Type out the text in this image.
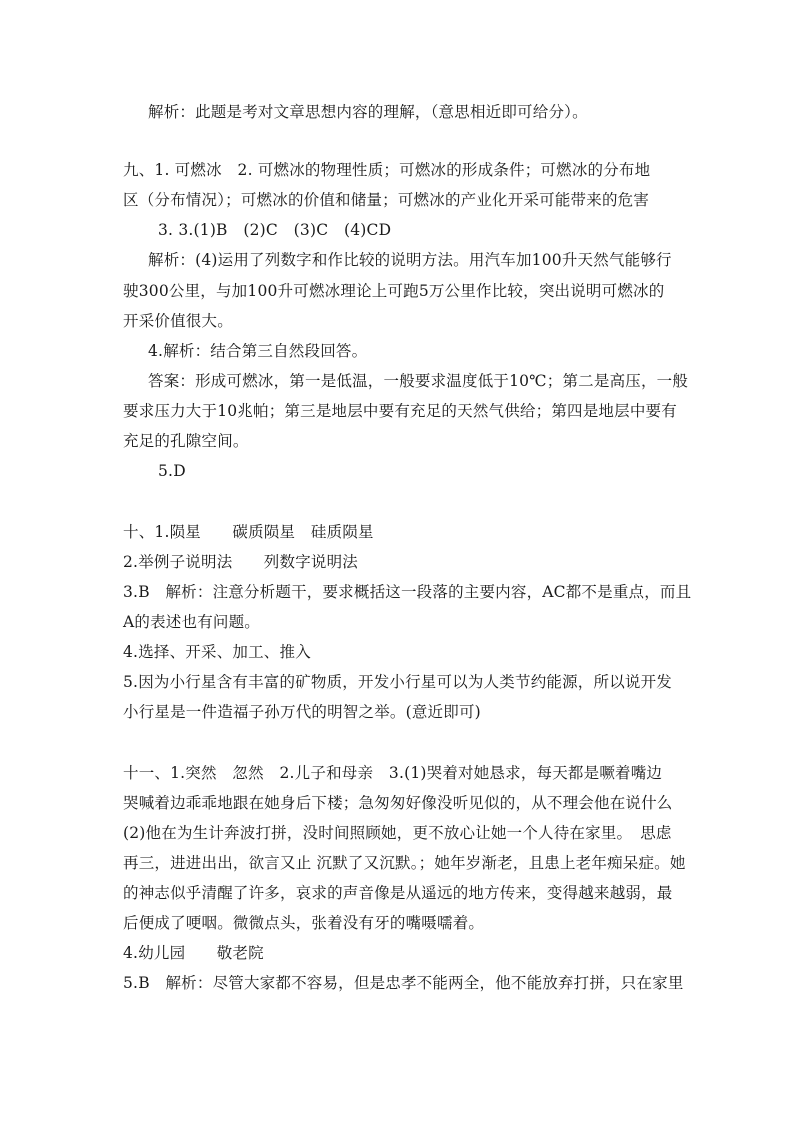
解析：此题是考对文章思想内容的理解，（意思相近即可给分）。
九、1. 可燃冰　2. 可燃冰的物理性质；可燃冰的形成条件；可燃冰的分布地
区（分布情况）；可燃冰的价值和储量；可燃冰的产业化开采可能带来的危害
3. 3.(1)B　(2)C　(3)C　(4)CD
解析：(4)运用了列数字和作比较的说明方法。用汽车加100升天然气能够行
驶300公里，与加100升可燃冰理论上可跑5万公里作比较，突出说明可燃冰的
开采价值很大。
4.解析：结合第三自然段回答。
答案：形成可燃冰，第一是低温，一般要求温度低于10℃；第二是高压，一般
要求压力大于10兆帕；第三是地层中要有充足的天然气供给；第四是地层中要有
充足的孔隙空间。
5.D
十、1.陨星　　碳质陨星　硅质陨星
2.举例子说明法　　列数字说明法
3.B　解析：注意分析题干，要求概括这一段落的主要内容，AC都不是重点，而且
A的表述也有问题。
4.选择、开采、加工、推入
5.因为小行星含有丰富的矿物质，开发小行星可以为人类节约能源，所以说开发
小行星是一件造福子孙万代的明智之举。(意近即可)
十一、1.突然　忽然　2.儿子和母亲　3.(1)哭着对她恳求，每天都是噘着嘴边
哭喊着边乖乖地跟在她身后下楼；急匆匆好像没听见似的，从不理会他在说什么
(2)他在为生计奔波打拼，没时间照顾她，更不放心让她一个人待在家里。　思虑
再三，进进出出，欲言又止 沉默了又沉默。；她年岁渐老，且患上老年痴呆症。她
的神志似乎清醒了许多，哀求的声音像是从遥远的地方传来，变得越来越弱，最
后便成了哽咽。微微点头，张着没有牙的嘴嗫嚅着。
4.幼儿园　　敬老院
5.B　解析：尽管大家都不容易，但是忠孝不能两全，他不能放弃打拼，只在家里
